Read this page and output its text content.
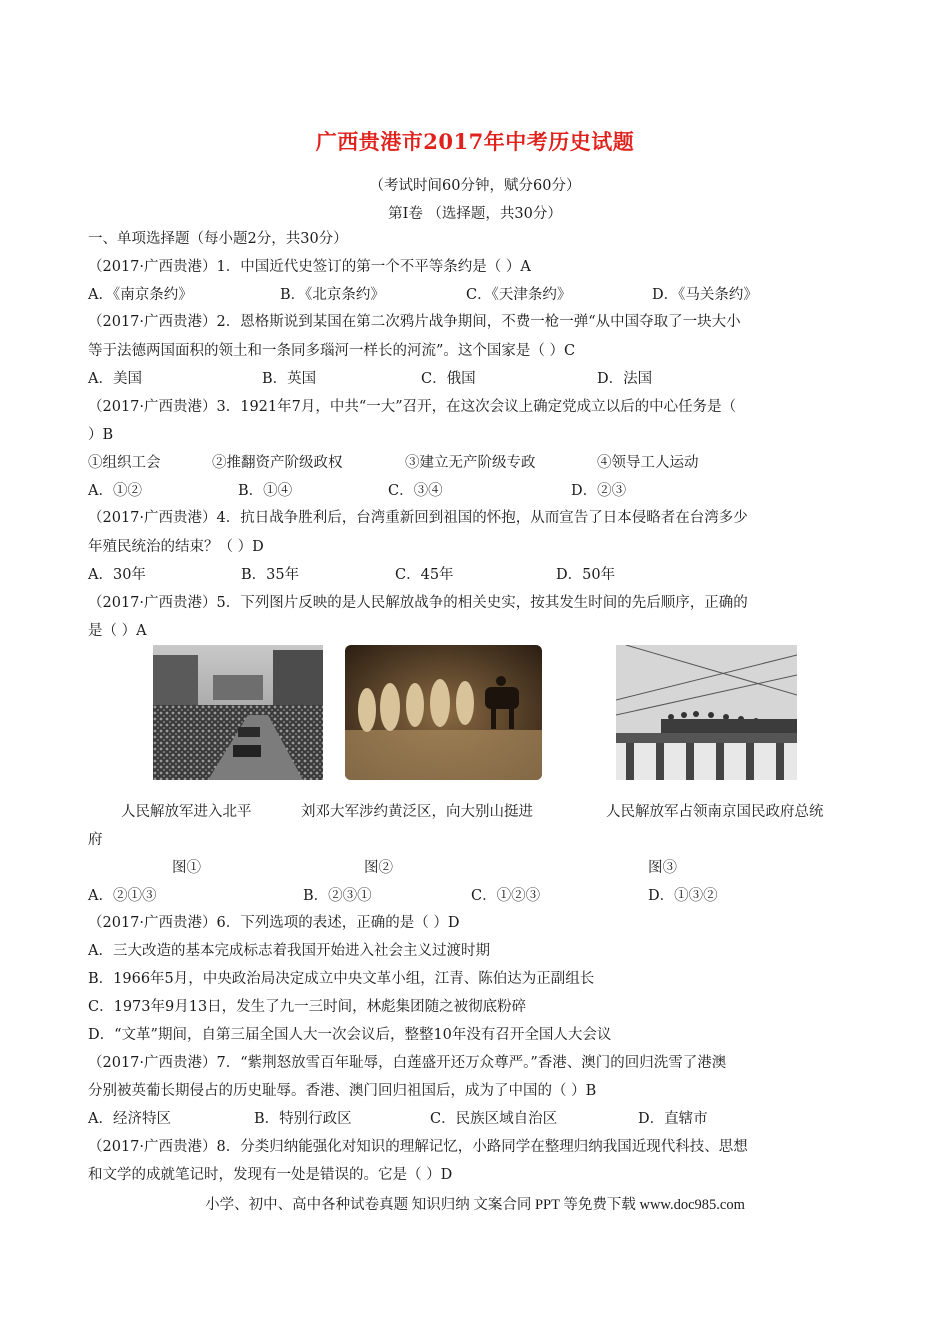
广西贵港市2017年中考历史试题
（考试时间60分钟，赋分60分）
第Ⅰ卷 （选择题，共30分）
一、单项选择题（每小题2分，共30分）
（2017·广西贵港）1．中国近代史签订的第一个不平等条约是（ ）A
A．《南京条约》	B．《北京条约》	C．《天津条约》	D．《马关条约》
（2017·广西贵港）2．恩格斯说到某国在第二次鸦片战争期间，不费一枪一弹“从中国夺取了一块大小
等于法德两国面积的领土和一条同多瑙河一样长的河流”。这个国家是（ ）C
A．美国	B．英国	C．俄国	D．法国
（2017·广西贵港）3．1921年7月，中共“一大”召开，在这次会议上确定党成立以后的中心任务是（
）B
①组织工会	②推翻资产阶级政权	③建立无产阶级专政	④领导工人运动
A．①②	B．①④	C．③④	D．②③
（2017·广西贵港）4．抗日战争胜利后，台湾重新回到祖国的怀抱，从而宣告了日本侵略者在台湾多少
年殖民统治的结束？（ ）D
A．30年	B．35年	C．45年	D．50年
（2017·广西贵港）5．下列图片反映的是人民解放战争的相关史实，按其发生时间的先后顺序，正确的
是（ ）A
人民解放军进入北平	刘邓大军涉约黄泛区，向大别山挺进	人民解放军占领南京国民政府总统
府
图①	图②	图③
A．②①③	B．②③①	C．①②③	D．①③②
（2017·广西贵港）6．下列选项的表述，正确的是（ ）D
A．三大改造的基本完成标志着我国开始进入社会主义过渡时期
B．1966年5月，中央政治局决定成立中央文革小组，江青、陈伯达为正副组长
C．1973年9月13日，发生了九一三时间，林彪集团随之被彻底粉碎
D．“文革”期间，自第三届全国人大一次会议后，整整10年没有召开全国人大会议
（2017·广西贵港）7．“紫荆怒放雪百年耻辱，白莲盛开还万众尊严。”香港、澳门的回归洗雪了港澳
分别被英葡长期侵占的历史耻辱。香港、澳门回归祖国后，成为了中国的（ ）B
A．经济特区	B．特别行政区	C．民族区域自治区	D．直辖市
（2017·广西贵港）8．分类归纳能强化对知识的理解记忆，小路同学在整理归纳我国近现代科技、思想
和文学的成就笔记时，发现有一处是错误的。它是（ ）D
小学、初中、高中各种试卷真题 知识归纳 文案合同 PPT 等免费下载 www.doc985.com
